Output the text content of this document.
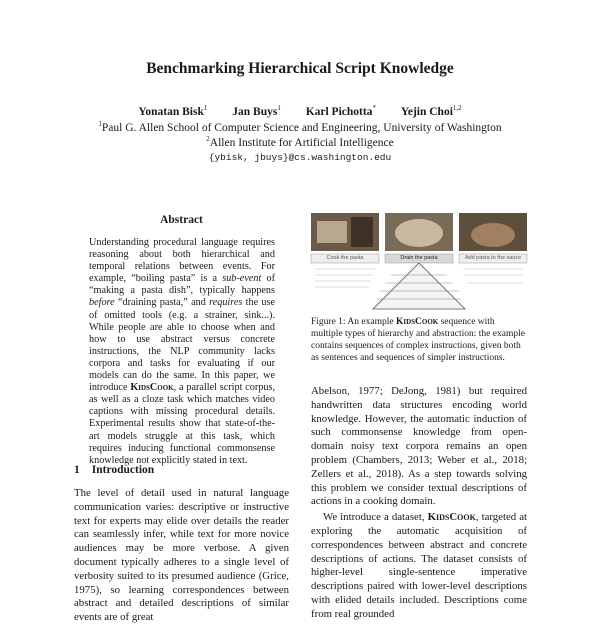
Benchmarking Hierarchical Script Knowledge
Yonatan Bisk$^1$ Jan Buys$^1$ Karl Pichotta* Yejin Choi$^{1,2}$
$^1$Paul G. Allen School of Computer Science and Engineering, University of Washington
$^2$Allen Institute for Artificial Intelligence
{ybisk, jbuys}@cs.washington.edu
Abstract

Understanding procedural language requires reasoning about both hierarchical and temporal relations between events. For example, “boiling pasta” is a sub-event of “making a pasta dish”, typically happens before “draining pasta,” and requires the use of omitted tools (e.g. a strainer, sink...). While people are able to choose when and how to use abstract versus concrete instructions, the NLP community lacks corpora and tasks for evaluating if our models can do the same. In this paper, we introduce KidsCook, a parallel script corpus, as well as a cloze task which matches video captions with missing procedural details. Experimental results show that state-of-the-art models struggle at this task, which requires inducing functional commonsense knowledge not explicitly stated in text.

1 Introduction
The level of detail used in natural language communication varies: descriptive or instructive text for experts may elide over details the reader can seamlessly infer, while text for more novice audiences may be more verbose. A given document typically adheres to a single level of verbosity suited to its presumed audience (Grice, 1975), so learning correspondences between abstract and detailed descriptions of similar events are of great
Cook the pasta	Drain the pasta	Add pasta to the sauce
Figure 1: An example KidsCook sequence with multiple types of hierarchy and abstraction: the example contains sequences of complex instructions, given both as sentences and sequences of simpler instructions.

Abelson, 1977; DeJong, 1981) but required handwritten data structures encoding world knowledge. However, the automatic induction of such commonsense knowledge from open-domain noisy text corpora remains an open problem (Chambers, 2013; Weber et al., 2018; Zellers et al., 2018). As a step towards solving this problem we consider textual descriptions of actions in a cooking domain.

We introduce a dataset, KidsCook, targeted at exploring the automatic acquisition of correspondences between abstract and concrete descriptions of actions. The dataset consists of higher-level single-sentence imperative descriptions paired with lower-level descriptions with elided details included. Descriptions come from real grounded
